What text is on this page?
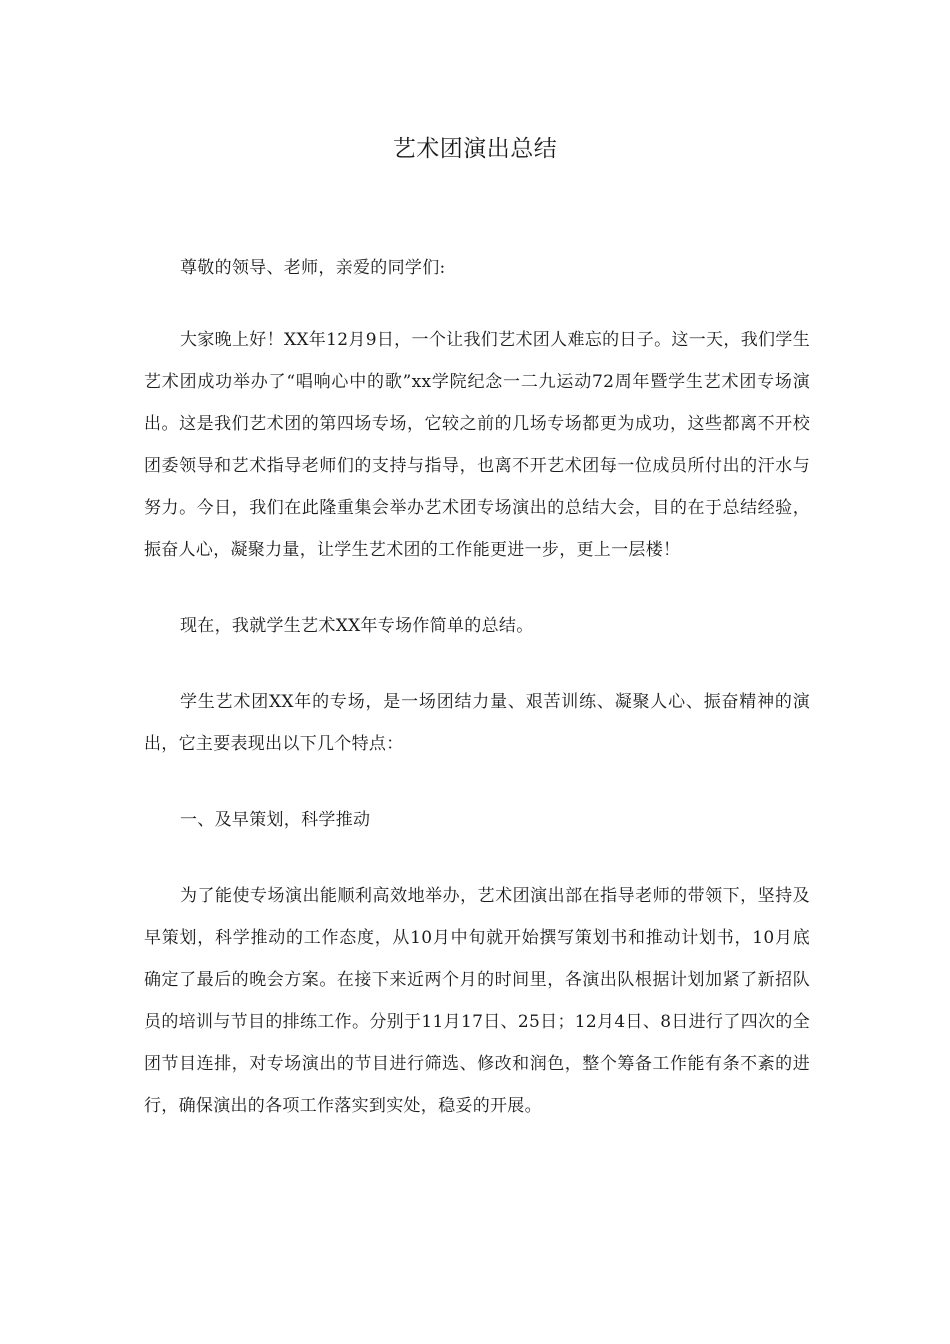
艺术团演出总结

尊敬的领导、老师，亲爱的同学们:

大家晚上好！XX年12月9日，一个让我们艺术团人难忘的日子。这一天，我们学生艺术团成功举办了“唱响心中的歌”xx学院纪念一二九运动72周年暨学生艺术团专场演出。这是我们艺术团的第四场专场，它较之前的几场专场都更为成功，这些都离不开校团委领导和艺术指导老师们的支持与指导，也离不开艺术团每一位成员所付出的汗水与努力。今日，我们在此隆重集会举办艺术团专场演出的总结大会，目的在于总结经验，振奋人心，凝聚力量，让学生艺术团的工作能更进一步，更上一层楼！

现在，我就学生艺术XX年专场作简单的总结。

学生艺术团XX年的专场，是一场团结力量、艰苦训练、凝聚人心、振奋精神的演出，它主要表现出以下几个特点：

一、及早策划，科学推动

为了能使专场演出能顺利高效地举办，艺术团演出部在指导老师的带领下，坚持及早策划，科学推动的工作态度，从10月中旬就开始撰写策划书和推动计划书，10月底确定了最后的晚会方案。在接下来近两个月的时间里，各演出队根据计划加紧了新招队员的培训与节目的排练工作。分别于11月17日、25日；12月4日、8日进行了四次的全团节目连排，对专场演出的节目进行筛选、修改和润色，整个筹备工作能有条不紊的进行，确保演出的各项工作落实到实处，稳妥的开展。
